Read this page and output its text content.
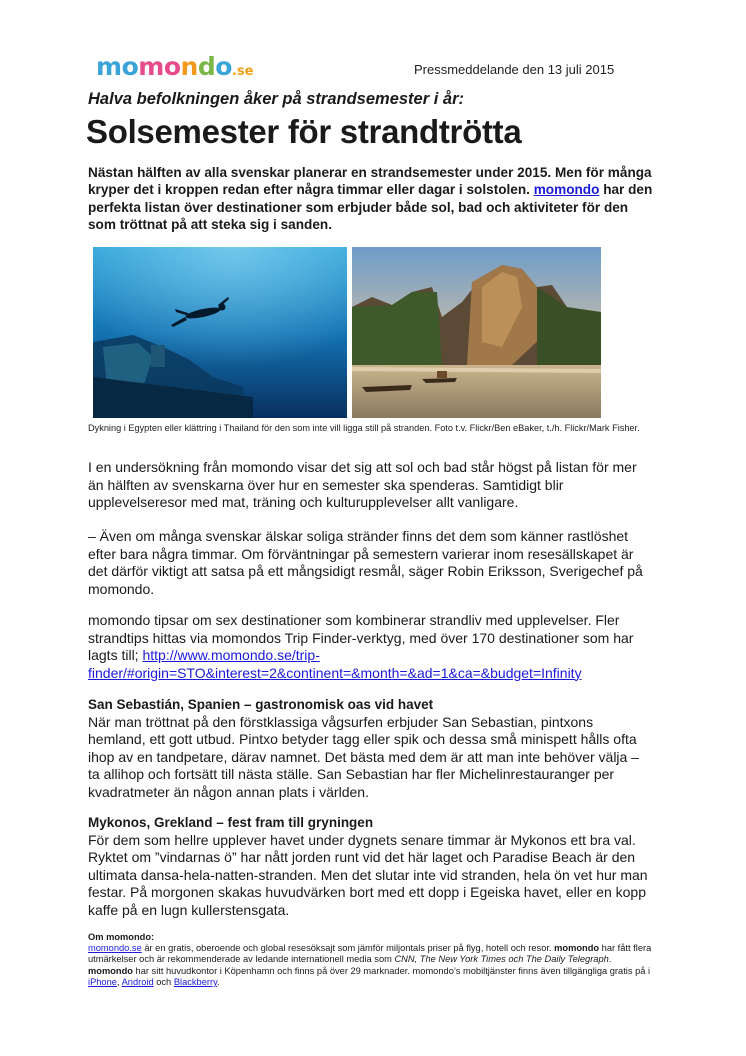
momondo.se	Pressmeddelande den 13 juli 2015
Halva befolkningen åker på strandsemester i år:
Solsemester för strandtrötta
Nästan hälften av alla svenskar planerar en strandsemester under 2015. Men för många kryper det i kroppen redan efter några timmar eller dagar i solstolen. momondo har den perfekta listan över destinationer som erbjuder både sol, bad och aktiviteter för den som tröttnat på att steka sig i sanden.
Dykning i Egypten eller klättring i Thailand för den som inte vill ligga still på stranden. Foto t.v. Flickr/Ben eBaker, t./h. Flickr/Mark Fisher.
I en undersökning från momondo visar det sig att sol och bad står högst på listan för mer än hälften av svenskarna över hur en semester ska spenderas. Samtidigt blir upplevelseresor med mat, träning och kulturupplevelser allt vanligare.
– Även om många svenskar älskar soliga stränder finns det dem som känner rastlöshet efter bara några timmar. Om förväntningar på semestern varierar inom resesällskapet är det därför viktigt att satsa på ett mångsidigt resmål, säger Robin Eriksson, Sverigechef på momondo.
momondo tipsar om sex destinationer som kombinerar strandliv med upplevelser. Fler strandtips hittas via momondos Trip Finder-verktyg, med över 170 destinationer som har lagts till; http://www.momondo.se/trip-finder/#origin=STO&interest=2&continent=&month=&ad=1&ca=&budget=Infinity
San Sebastián, Spanien – gastronomisk oas vid havet
När man tröttnat på den förstklassiga vågsurfen erbjuder San Sebastian, pintxons hemland, ett gott utbud. Pintxo betyder tagg eller spik och dessa små minispett hålls ofta ihop av en tandpetare, därav namnet. Det bästa med dem är att man inte behöver välja – ta allihop och fortsätt till nästa ställe. San Sebastian har fler Michelinrestauranger per kvadratmeter än någon annan plats i världen.
Mykonos, Grekland – fest fram till gryningen
För dem som hellre upplever havet under dygnets senare timmar är Mykonos ett bra val. Ryktet om ”vindarnas ö” har nått jorden runt vid det här laget och Paradise Beach är den ultimata dansa-hela-natten-stranden. Men det slutar inte vid stranden, hela ön vet hur man festar. På morgonen skakas huvudvärken bort med ett dopp i Egeiska havet, eller en kopp kaffe på en lugn kullerstensgata.
Om momondo:
momondo.se är en gratis, oberoende och global resesöksajt som jämför miljontals priser på flyg, hotell och resor. momondo har fått flera utmärkelser och är rekommenderade av ledande internationell media som CNN, The New York Times och The Daily Telegraph. momondo har sitt huvudkontor i Köpenhamn och finns på över 29 marknader. momondo’s mobiltjänster finns även tillgängliga gratis på i iPhone, Android och Blackberry.
